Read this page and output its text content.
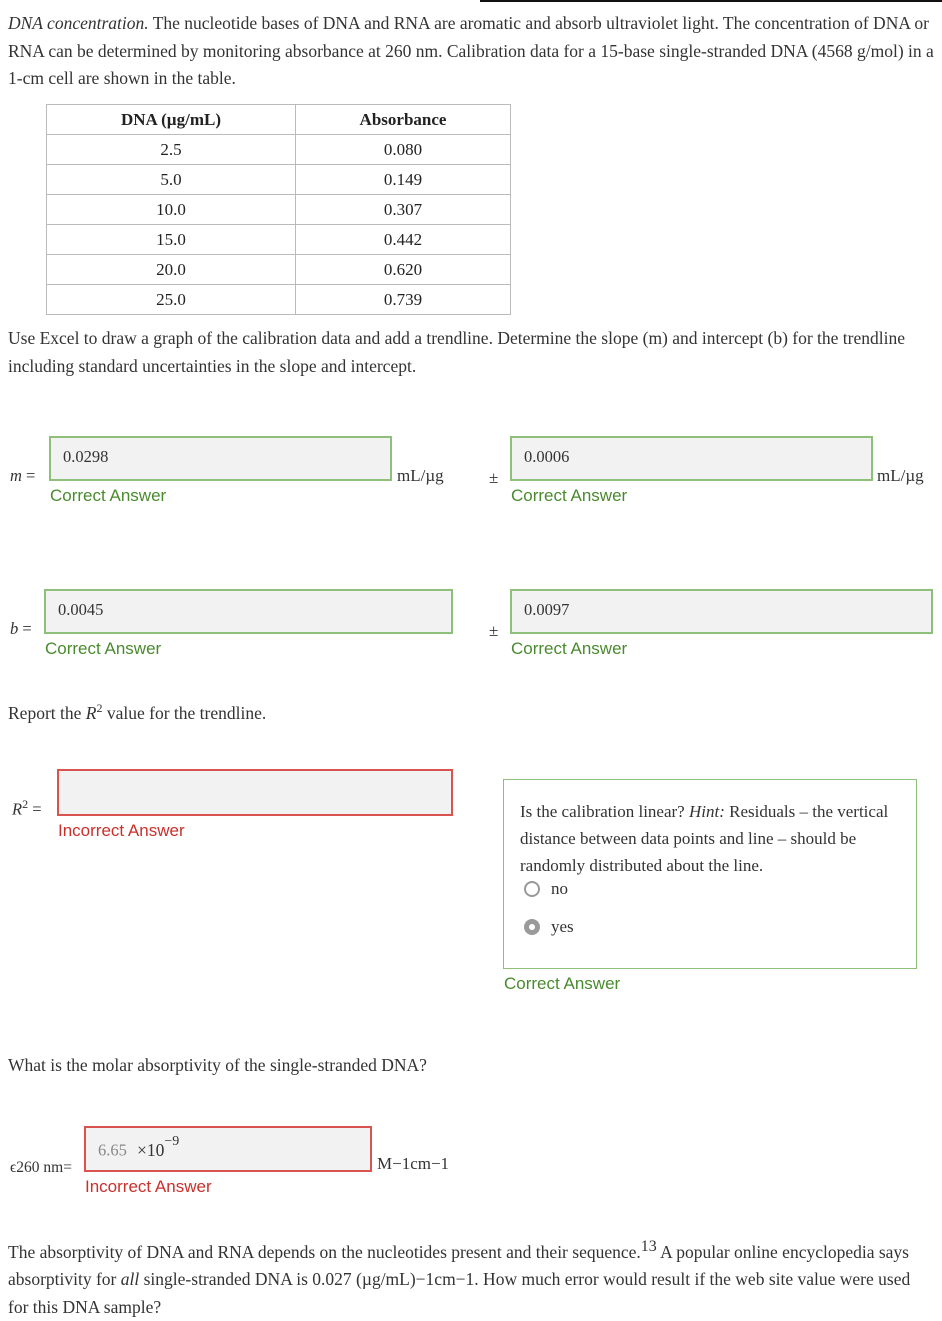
DNA concentration. The nucleotide bases of DNA and RNA are aromatic and absorb ultraviolet light. The concentration of DNA or RNA can be determined by monitoring absorbance at 260 nm. Calibration data for a 15-base single-stranded DNA (4568 g/mol) in a 1-cm cell are shown in the table.

DNA (µg/mL)	Absorbance
2.5	0.080
5.0	0.149
10.0	0.307
15.0	0.442
20.0	0.620
25.0	0.739

Use Excel to draw a graph of the calibration data and add a trendline. Determine the slope (m) and intercept (b) for the trendline including standard uncertainties in the slope and intercept.

m =
0.0298
Correct Answer
mL/µg	±
0.0006
Correct Answer
mL/µg
b =
0.0045
Correct Answer
±
0.0097
Correct Answer

Report the $R^2$ value for the trendline.

$R^2$ =
Incorrect Answer

Is the calibration linear? Hint: Residuals – the vertical distance between data points and line – should be randomly distributed about the line.

no
yes
Correct Answer

What is the molar absorptivity of the single-stranded DNA?

ϵ260 nm=
$6.65 \times 10^{-9}$
Incorrect Answer
M−1cm−1

The absorptivity of DNA and RNA depends on the nucleotides present and their sequence.$^{13}$ A popular online encyclopedia says absorptivity for all single-stranded DNA is 0.027 (µg/mL)−1cm−1. How much error would result if the web site value were used for this DNA sample?
